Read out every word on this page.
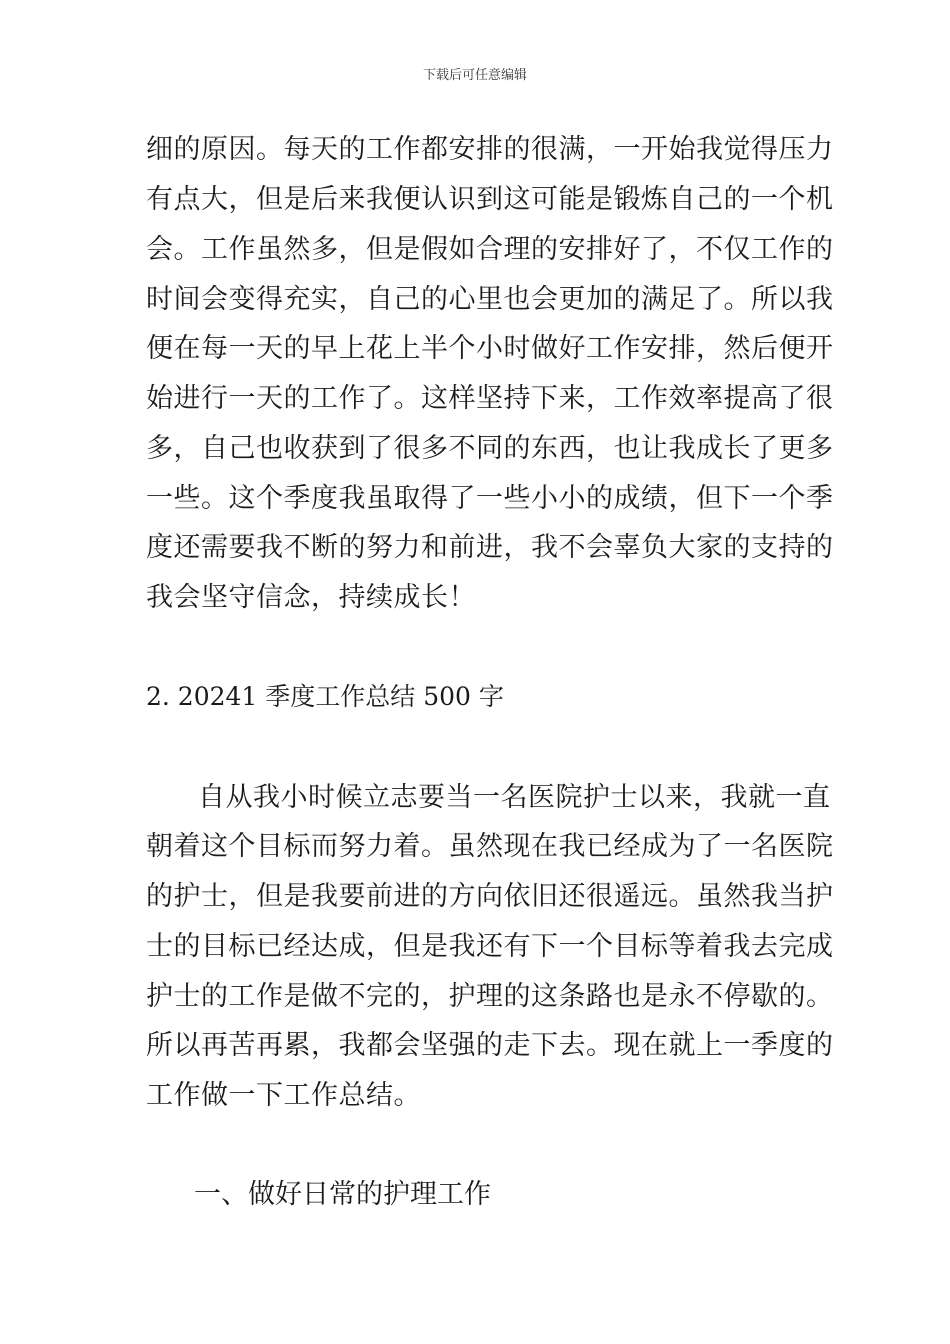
下载后可任意编辑
细的原因。每天的工作都安排的很满，一开始我觉得压力
有点大，但是后来我便认识到这可能是锻炼自己的一个机
会。工作虽然多，但是假如合理的安排好了，不仅工作的
时间会变得充实，自己的心里也会更加的满足了。所以我
便在每一天的早上花上半个小时做好工作安排，然后便开
始进行一天的工作了。这样坚持下来，工作效率提高了很
多，自己也收获到了很多不同的东西，也让我成长了更多
一些。这个季度我虽取得了一些小小的成绩，但下一个季
度还需要我不断的努力和前进，我不会辜负大家的支持的
我会坚守信念，持续成长！
2. 20241 季度工作总结 500 字
自从我小时候立志要当一名医院护士以来，我就一直
朝着这个目标而努力着。虽然现在我已经成为了一名医院
的护士，但是我要前进的方向依旧还很遥远。虽然我当护
士的目标已经达成，但是我还有下一个目标等着我去完成
护士的工作是做不完的，护理的这条路也是永不停歇的。
所以再苦再累，我都会坚强的走下去。现在就上一季度的
工作做一下工作总结。
一、做好日常的护理工作
